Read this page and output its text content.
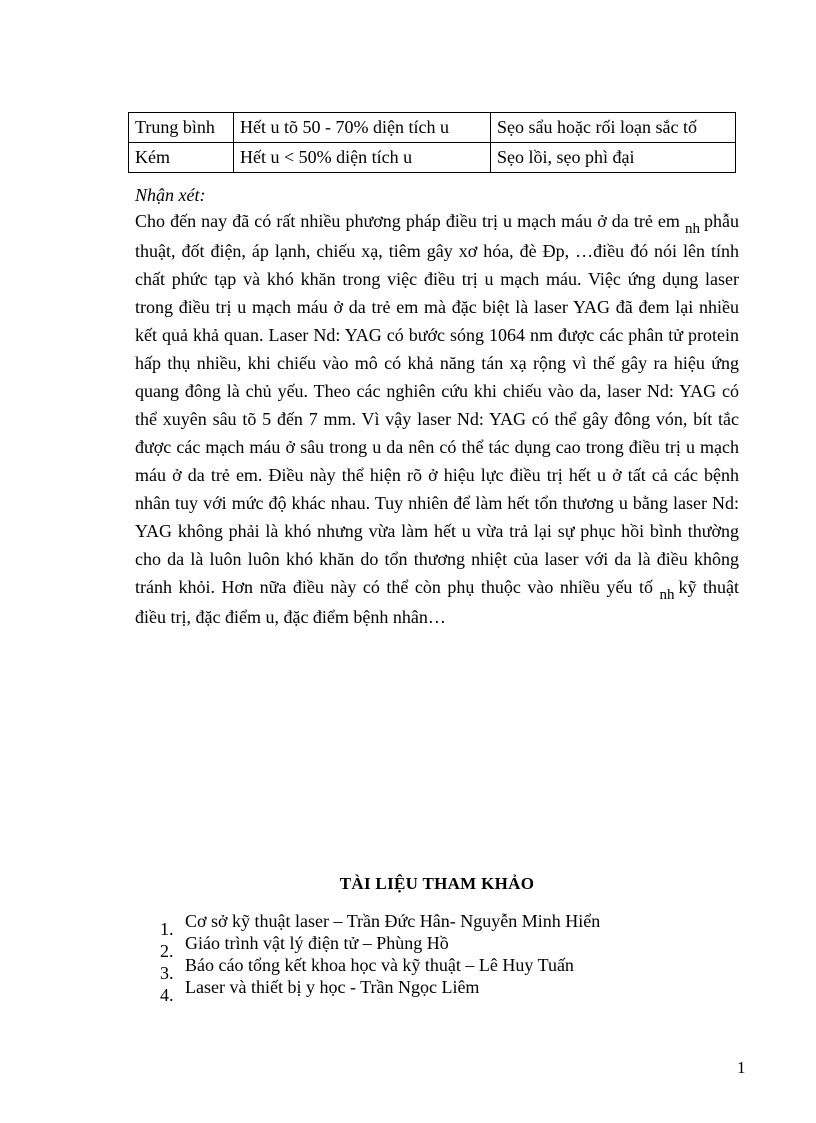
Trung bình	Hết u tõ 50 - 70% diện tích u	Sẹo sẩu hoặc rối loạn sắc tố
Kém	Hết u < 50% diện tích u	Sẹo lồi, sẹo phì đại
Nhận xét:

Cho đến nay đã có rất nhiều phương pháp điều trị u mạch máu ở da trẻ em $_{nh}$ phẫu thuật, đốt điện, áp lạnh, chiếu xạ, tiêm gây xơ hóa, đè Ðp, …điều đó nói lên tính chất phức tạp và khó khăn trong việc điều trị u mạch máu. Việc ứng dụng laser trong điều trị u mạch máu ở da trẻ em mà đặc biệt là laser YAG đã đem lại nhiều kết quả khả quan. Laser Nd: YAG có bước sóng 1064 nm được các phân tử protein hấp thụ nhiều, khi chiếu vào mô có khả năng tán xạ rộng vì thế gây ra hiệu ứng quang đông là chủ yếu. Theo các nghiên cứu khi chiếu vào da, laser Nd: YAG có thể xuyên sâu tõ 5 đến 7 mm. Vì vậy laser Nd: YAG có thể gây đông vón, bít tắc được các mạch máu ở sâu trong u da nên có thể tác dụng cao trong điều trị u mạch máu ở da trẻ em. Điều này thể hiện rõ ở hiệu lực điều trị hết u ở tất cả các bệnh nhân tuy với mức độ khác nhau. Tuy nhiên để làm hết tổn thương u bằng laser Nd: YAG không phải là khó nhưng vừa làm hết u vừa trả lại sự phục hồi bình thường cho da là luôn luôn khó khăn do tổn thương nhiệt của laser với da là điều không tránh khỏi. Hơn nữa điều này có thể còn phụ thuộc vào nhiều yếu tố $_{nh}$ kỹ thuật điều trị, đặc điểm u, đặc điểm bệnh nhân…

TÀI LIỆU THAM KHẢO
1. Cơ sở kỹ thuật laser – Trần Đức Hân- Nguyễn Minh Hiển
2. Giáo trình vật lý điện tử – Phùng Hồ
3. Báo cáo tổng kết khoa học và kỹ thuật – Lê Huy Tuấn
4. Laser và thiết bị y học - Trần Ngọc Liêm
1
